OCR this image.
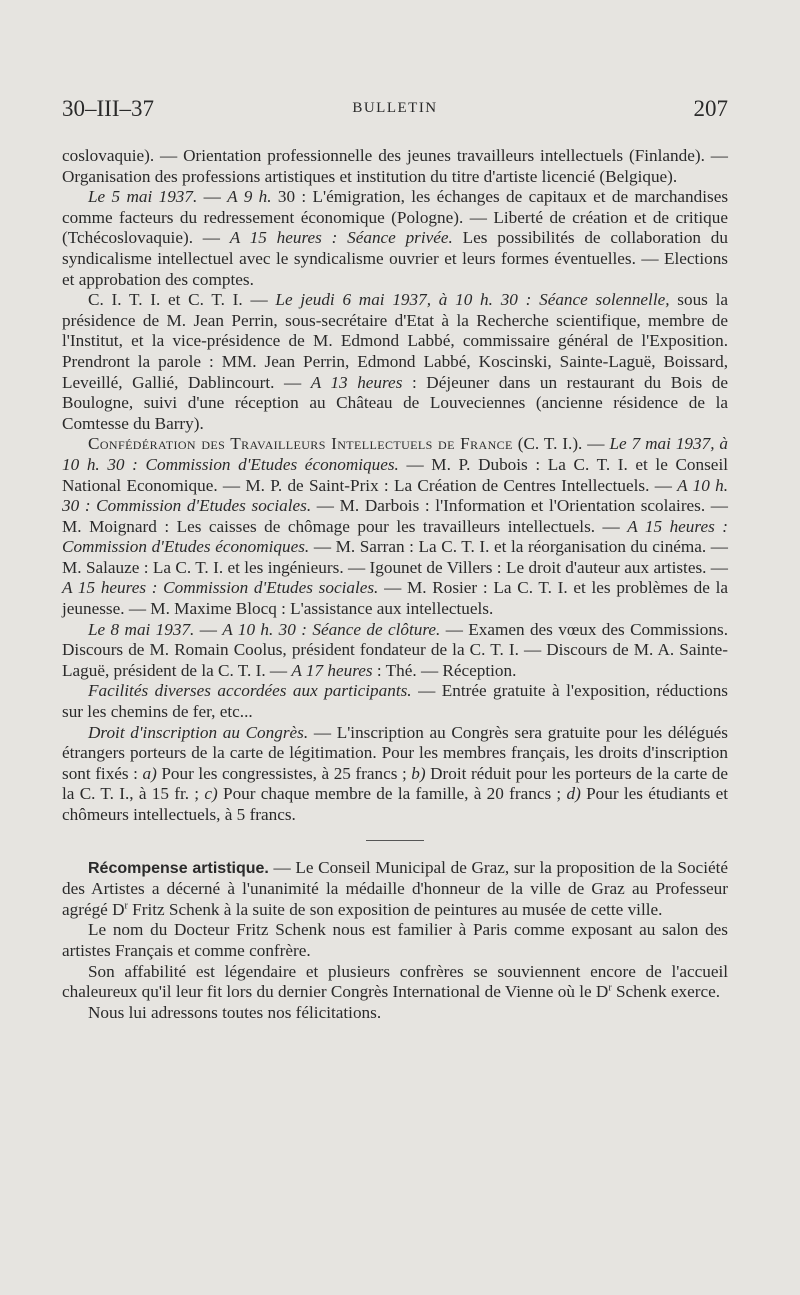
30–III–37	BULLETIN	207

coslovaquie). — Orientation professionnelle des jeunes travailleurs intellectuels (Finlande). — Organisation des professions artistiques et institution du titre d'artiste licencié (Belgique).

Le 5 mai 1937. — A 9 h. 30 : L'émigration, les échanges de capitaux et de marchandises comme facteurs du redressement économique (Pologne). — Liberté de création et de critique (Tchécoslovaquie). — A 15 heures : Séance privée. Les possibilités de collaboration du syndicalisme intellectuel avec le syndicalisme ouvrier et leurs formes éventuelles. — Elections et approbation des comptes.

C. I. T. I. et C. T. I. — Le jeudi 6 mai 1937, à 10 h. 30 : Séance solennelle, sous la présidence de M. Jean Perrin, sous-secrétaire d'Etat à la Recherche scientifique, membre de l'Institut, et la vice-présidence de M. Edmond Labbé, commissaire général de l'Exposition. Prendront la parole : MM. Jean Perrin, Edmond Labbé, Koscinski, Sainte-Laguë, Boissard, Leveillé, Gallié, Dablincourt. — A 13 heures : Déjeuner dans un restaurant du Bois de Boulogne, suivi d'une réception au Château de Louveciennes (ancienne résidence de la Comtesse du Barry).

Confédération des Travailleurs Intellectuels de France (C. T. I.). — Le 7 mai 1937, à 10 h. 30 : Commission d'Etudes économiques. — M. P. Dubois : La C. T. I. et le Conseil National Economique. — M. P. de Saint-Prix : La Création de Centres Intellectuels. — A 10 h. 30 : Commission d'Etudes sociales. — M. Darbois : l'Information et l'Orientation scolaires. — M. Moignard : Les caisses de chômage pour les travailleurs intellectuels. — A 15 heures : Commission d'Etudes économiques. — M. Sarran : La C. T. I. et la réorganisation du cinéma. — M. Salauze : La C. T. I. et les ingénieurs. — Igounet de Villers : Le droit d'auteur aux artistes. — A 15 heures : Commission d'Etudes sociales. — M. Rosier : La C. T. I. et les problèmes de la jeunesse. — M. Maxime Blocq : L'assistance aux intellectuels.

Le 8 mai 1937. — A 10 h. 30 : Séance de clôture. — Examen des vœux des Commissions. Discours de M. Romain Coolus, président fondateur de la C. T. I. — Discours de M. A. Sainte-Laguë, président de la C. T. I. — A 17 heures : Thé. — Réception.

Facilités diverses accordées aux participants. — Entrée gratuite à l'exposition, réductions sur les chemins de fer, etc...

Droit d'inscription au Congrès. — L'inscription au Congrès sera gratuite pour les délégués étrangers porteurs de la carte de légitimation. Pour les membres français, les droits d'inscription sont fixés : a) Pour les congressistes, à 25 francs ; b) Droit réduit pour les porteurs de la carte de la C. T. I., à 15 fr. ; c) Pour chaque membre de la famille, à 20 francs ; d) Pour les étudiants et chômeurs intellectuels, à 5 francs.

Récompense artistique. — Le Conseil Municipal de Graz, sur la proposition de la Société des Artistes a décerné à l'unanimité la médaille d'honneur de la ville de Graz au Professeur agrégé $D^r$ Fritz Schenk à la suite de son exposition de peintures au musée de cette ville.

Le nom du Docteur Fritz Schenk nous est familier à Paris comme exposant au salon des artistes Français et comme confrère.

Son affabilité est légendaire et plusieurs confrères se souviennent encore de l'accueil chaleureux qu'il leur fit lors du dernier Congrès International de Vienne où le $D^r$ Schenk exerce.

Nous lui adressons toutes nos félicitations.
